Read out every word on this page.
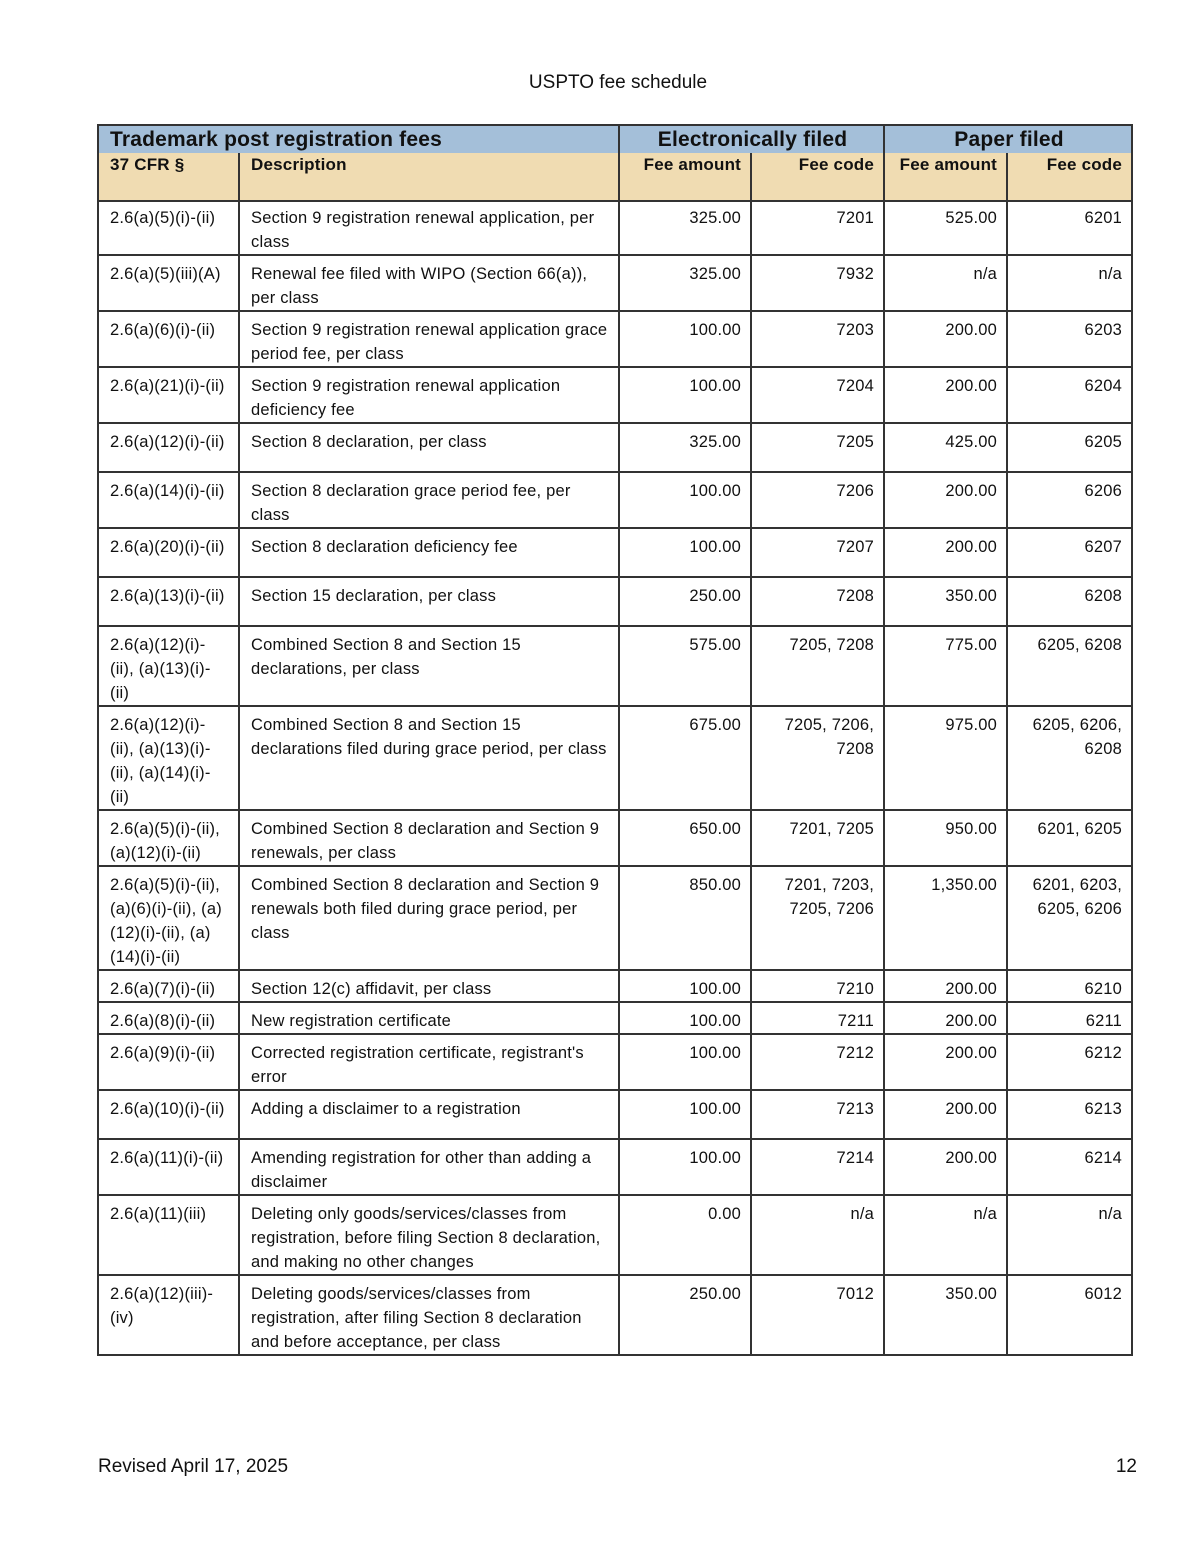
USPTO fee schedule
Trademark post registration fees		Electronically filed		Paper filed	
37 CFR §	Description	Fee amount	Fee code	Fee amount	Fee code
2.6(a)(5)(i)-(ii)	Section 9 registration renewal application, per class	325.00	7201	525.00	6201
2.6(a)(5)(iii)(A)	Renewal fee filed with WIPO (Section 66(a)), per class	325.00	7932	n/a	n/a
2.6(a)(6)(i)-(ii)	Section 9 registration renewal application grace period fee, per class	100.00	7203	200.00	6203
2.6(a)(21)(i)-(ii)	Section 9 registration renewal application deficiency fee	100.00	7204	200.00	6204
2.6(a)(12)(i)-(ii)	Section 8 declaration, per class	325.00	7205	425.00	6205
2.6(a)(14)(i)-(ii)	Section 8 declaration grace period fee, per class	100.00	7206	200.00	6206
2.6(a)(20)(i)-(ii)	Section 8 declaration deficiency fee	100.00	7207	200.00	6207
2.6(a)(13)(i)-(ii)	Section 15 declaration, per class	250.00	7208	350.00	6208
2.6(a)(12)(i)-(ii), (a)(13)(i)-(ii)	Combined Section 8 and Section 15 declarations, per class	575.00	7205, 7208	775.00	6205, 6208
2.6(a)(12)(i)-(ii), (a)(13)(i)-(ii), (a)(14)(i)-(ii)	Combined Section 8 and Section 15 declarations filed during grace period, per class	675.00	7205, 7206, 7208	975.00	6205, 6206, 6208
2.6(a)(5)(i)-(ii), (a)(12)(i)-(ii)	Combined Section 8 declaration and Section 9 renewals, per class	650.00	7201, 7205	950.00	6201, 6205
2.6(a)(5)(i)-(ii), (a)(6)(i)-(ii), (a)(12)(i)-(ii), (a)(14)(i)-(ii)	Combined Section 8 declaration and Section 9 renewals both filed during grace period, per class	850.00	7201, 7203, 7205, 7206	1,350.00	6201, 6203, 6205, 6206
2.6(a)(7)(i)-(ii)	Section 12(c) affidavit, per class	100.00	7210	200.00	6210
2.6(a)(8)(i)-(ii)	New registration certificate	100.00	7211	200.00	6211
2.6(a)(9)(i)-(ii)	Corrected registration certificate, registrant's error	100.00	7212	200.00	6212
2.6(a)(10)(i)-(ii)	Adding a disclaimer to a registration	100.00	7213	200.00	6213
2.6(a)(11)(i)-(ii)	Amending registration for other than adding a disclaimer	100.00	7214	200.00	6214
2.6(a)(11)(iii)	Deleting only goods/services/classes from registration, before filing Section 8 declaration, and making no other changes	0.00	n/a	n/a	n/a
2.6(a)(12)(iii)-(iv)	Deleting goods/services/classes from registration, after filing Section 8 declaration and before acceptance, per class	250.00	7012	350.00	6012
Revised April 17, 2025	12
